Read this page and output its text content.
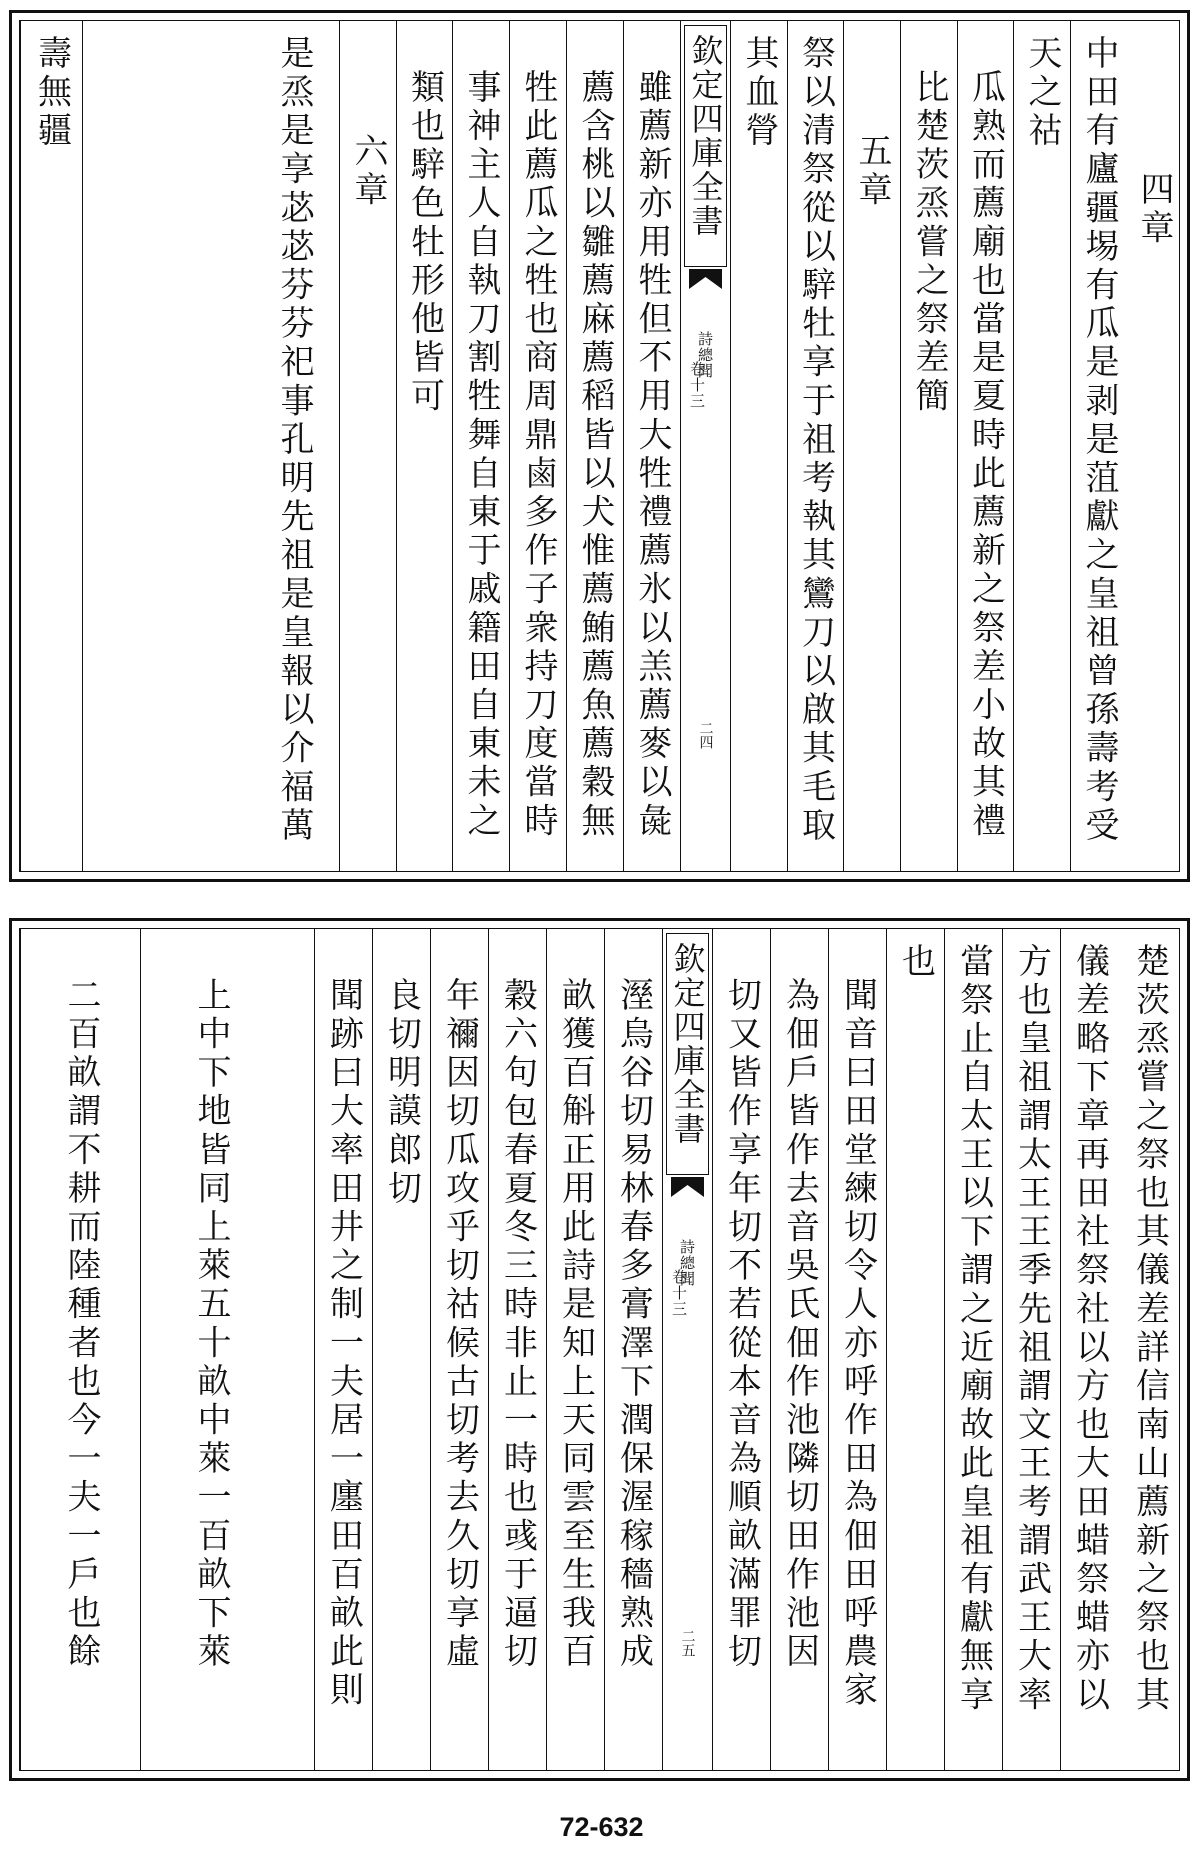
四章
中田有廬疆埸有瓜是剥是菹獻之皇祖曾孫壽考受
天之祜
瓜熟而薦廟也當是夏時此薦新之祭差小故其禮
比楚茨烝嘗之祭差簡
五章
祭以清祭從以騂牡享于祖考執其鸞刀以啟其毛取
其血膋
欽定四庫全書
詩總聞
卷十三
二四
雖薦新亦用牲但不用大牲禮薦氷以羔薦麥以彘
薦含桃以雛薦麻薦稻皆以犬惟薦鮪薦魚薦穀無
牲此薦瓜之牲也商周鼎鹵多作子衆持刀度當時
事神主人自執刀割牲舞自東于戚籍田自東未之
類也騂色牡形他皆可
六章
是烝是享苾苾芬芬祀事孔明先祖是皇報以介福萬
壽無疆
楚茨烝嘗之祭也其儀差詳信南山薦新之祭也其
儀差略下章再田社祭社以方也大田蜡祭蜡亦以
方也皇祖謂太王王季先祖謂文王考謂武王大率
當祭止自太王以下謂之近廟故此皇祖有獻無享
也
聞音曰田堂練切令人亦呼作田為佃田呼農家
為佃戶皆作去音吳氏佃作池隣切田作池因
切又皆作享年切不若從本音為順畝滿罪切
欽定四庫全書
詩總聞
卷十三
二五
溼烏谷切易林春多膏澤下潤保渥稼穡熟成
畝獲百斛正用此詩是知上天同雲至生我百
穀六句包春夏冬三時非止一時也彧于逼切
年禰因切瓜攻乎切祜候古切考去久切享虛
良切明謨郎切
聞跡曰大率田井之制一夫居一廛田百畝此則
上中下地皆同上萊五十畝中萊一百畝下萊
二百畝謂不耕而陸種者也今一夫一戶也餘
72-632
